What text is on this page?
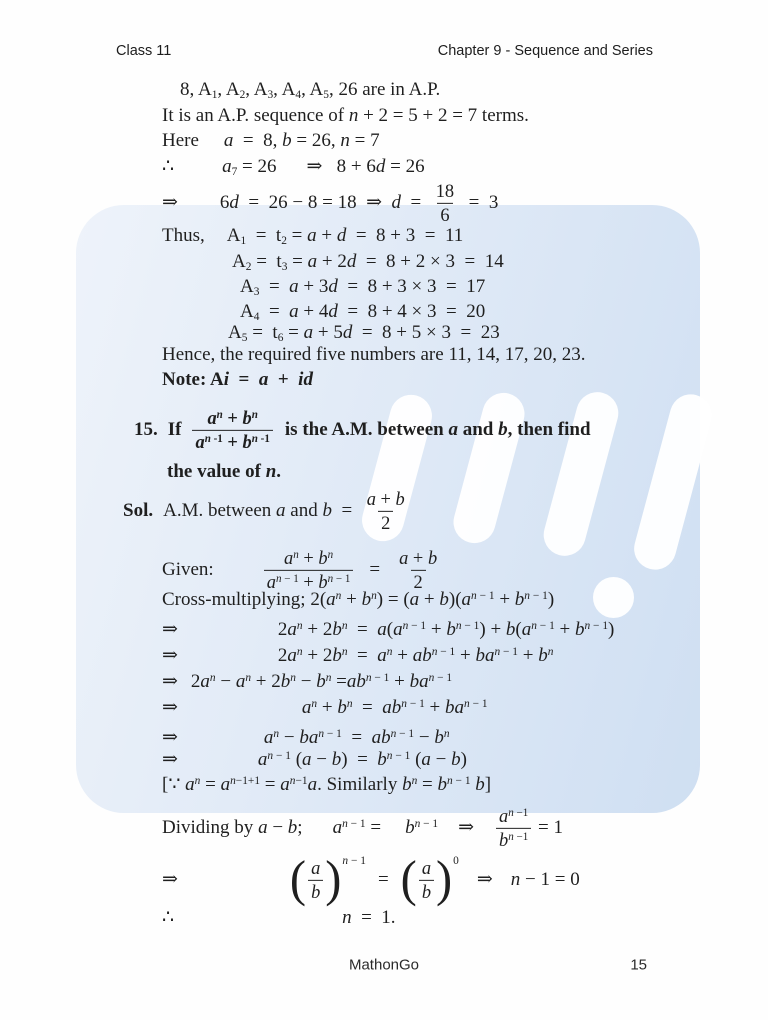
Class 11	Chapter 9 - Sequence and Series
8, A1, A2, A3, A4, A5, 26 are in A.P.
It is an A.P. sequence of n + 2 = 5 + 2 = 7 terms.
Here a  =  8, b = 26, n = 7
∴	a7 = 26 ⇒   8 + 6d = 26
⇒ 6d  =  26 − 8 = 18  ⇒  $d = \frac{18}{6} = 3$
Thus, A1  =  t2 = a + d  =  8 + 3  =  11
A2 =  t3 = a + 2d  =  8 + 2 × 3  =  14
A3  =  a + 3d  =  8 + 3 × 3  =  17
A4  =  a + 4d  =  8 + 4 × 3  =  20
A5 =  t6 = a + 5d  =  8 + 5 × 3  =  23
Hence, the required five numbers are 11, 14, 17, 20, 23.
Note: Ai  =  a  +  id
15. If $\frac{a^n + b^n}{a^{n -1} + b^{n -1}}$ is the A.M. between a and b, then find
the value of n.
Sol. A.M. between a and $b = \frac{a + b}{2}$
Given:	$\frac{a^n + b^n}{a^{n - 1} + b^{n - 1}} = \frac{a + b}{2}$
Cross-multiplying; $2(a^n + b^n) = (a + b)(a^{n - 1} + b^{n - 1})$
⇒	$2a^n + 2b^n = a(a^{n - 1} + b^{n - 1}) + b(a^{n - 1} + b^{n - 1})$
⇒	$2a^n + 2b^n = a^n + ab^{n - 1} + ba^{n - 1} + b^n$
⇒ $2a^n - a^n + 2b^n - b^n =ab^{n - 1} + ba^{n - 1}$
⇒	$a^n + b^n = ab^{n - 1} + ba^{n - 1}$
⇒	$a^n - ba^{n - 1} = ab^{n - 1} - b^n$
⇒	$a^{n - 1}$ $(a - b) = b^{n - 1}$ (a − b)
[∵ $a^n = a^{n-1+1} = a^{n-1}a$. Similarly $b^n = b^{n - 1}$ b]
Dividing by a − b; $a^{n - 1} = b^{n - 1}$ ⇒ $\frac{a^{n -1}}{b^{n -1}} = 1$
⇒ ( $\frac{a}{b}$ ) n − 1
= ( $\frac{a}{b}$ ) 0
⇒ n − 1 = 0
∴	n  =  1.
MathonGo	15
